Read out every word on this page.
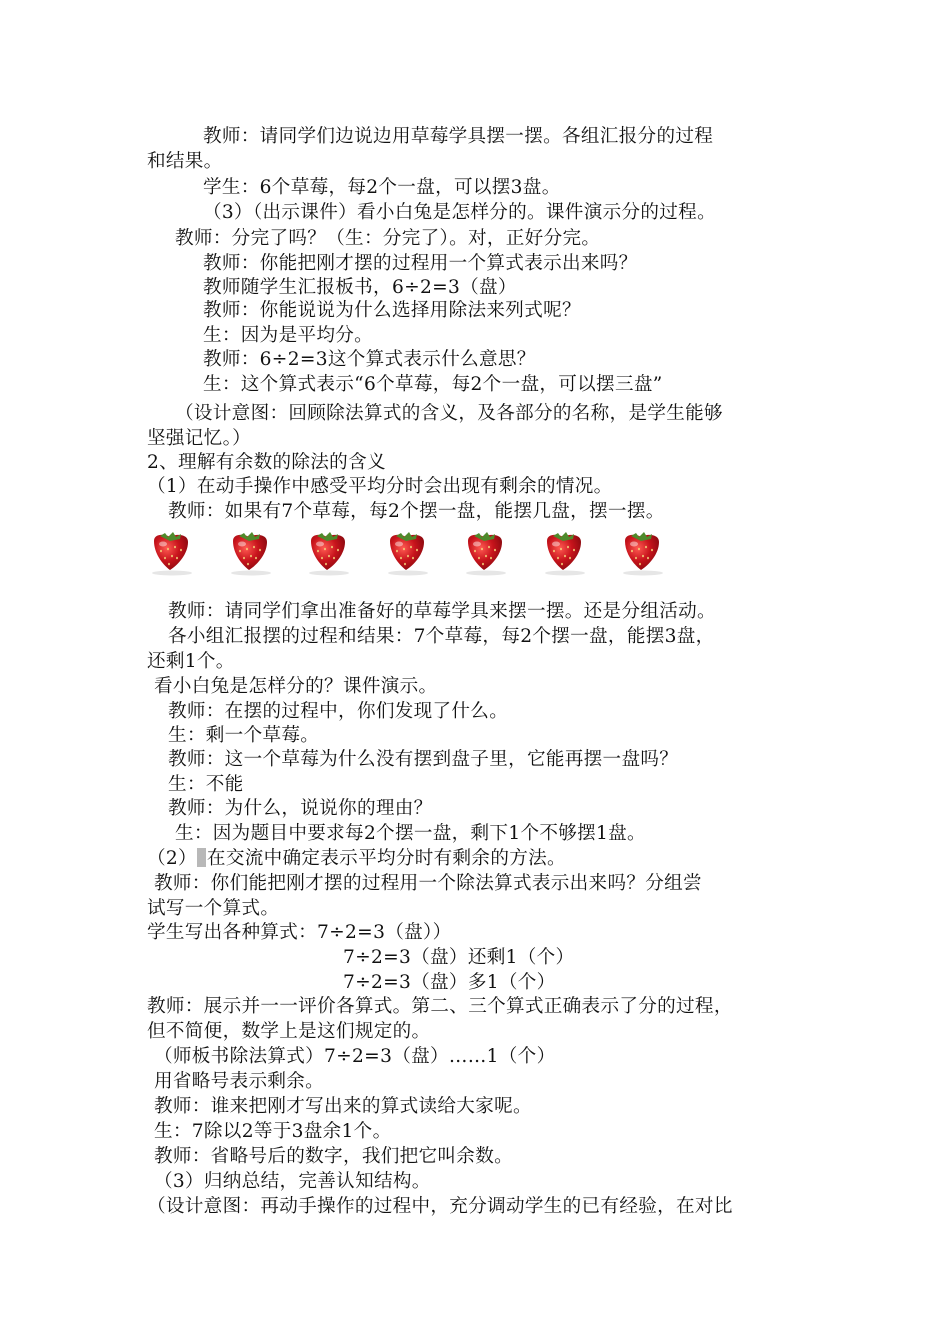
教师：请同学们边说边用草莓学具摆一摆。各组汇报分的过程
和结果。
学生：6个草莓，每2个一盘，可以摆3盘。
（3）（出示课件）看小白兔是怎样分的。课件演示分的过程。
教师：分完了吗？（生：分完了）。对，正好分完。
教师：你能把刚才摆的过程用一个算式表示出来吗？
教师随学生汇报板书，6÷2=3（盘）
教师：你能说说为什么选择用除法来列式呢？
生：因为是平均分。
教师：6÷2=3这个算式表示什么意思？
生：这个算式表示“6个草莓，每2个一盘，可以摆三盘”
（设计意图：回顾除法算式的含义，及各部分的名称，是学生能够
坚强记忆。）
2、理解有余数的除法的含义
（1）在动手操作中感受平均分时会出现有剩余的情况。
教师：如果有7个草莓，每2个摆一盘，能摆几盘，摆一摆。
教师：请同学们拿出准备好的草莓学具来摆一摆。还是分组活动。
各小组汇报摆的过程和结果：7个草莓，每2个摆一盘，能摆3盘，
还剩1个。
看小白兔是怎样分的？课件演示。
教师：在摆的过程中，你们发现了什么。
生：剩一个草莓。
教师：这一个草莓为什么没有摆到盘子里，它能再摆一盘吗？
生：不能
教师：为什么，说说你的理由？
生：因为题目中要求每2个摆一盘，剩下1个不够摆1盘。
（2） 在交流中确定表示平均分时有剩余的方法。
教师：你们能把刚才摆的过程用一个除法算式表示出来吗？分组尝
试写一个算式。
学生写出各种算式：7÷2=3（盘））
7÷2=3（盘）还剩1（个）
7÷2=3（盘）多1（个）
教师：展示并一一评价各算式。第二、三个算式正确表示了分的过程，
但不简便，数学上是这们规定的。
（师板书除法算式）7÷2=3（盘）……1（个）
用省略号表示剩余。
教师：谁来把刚才写出来的算式读给大家呢。
生：7除以2等于3盘余1个。
教师：省略号后的数字，我们把它叫余数。
（3）归纳总结，完善认知结构。
（设计意图：再动手操作的过程中，充分调动学生的已有经验，在对比
